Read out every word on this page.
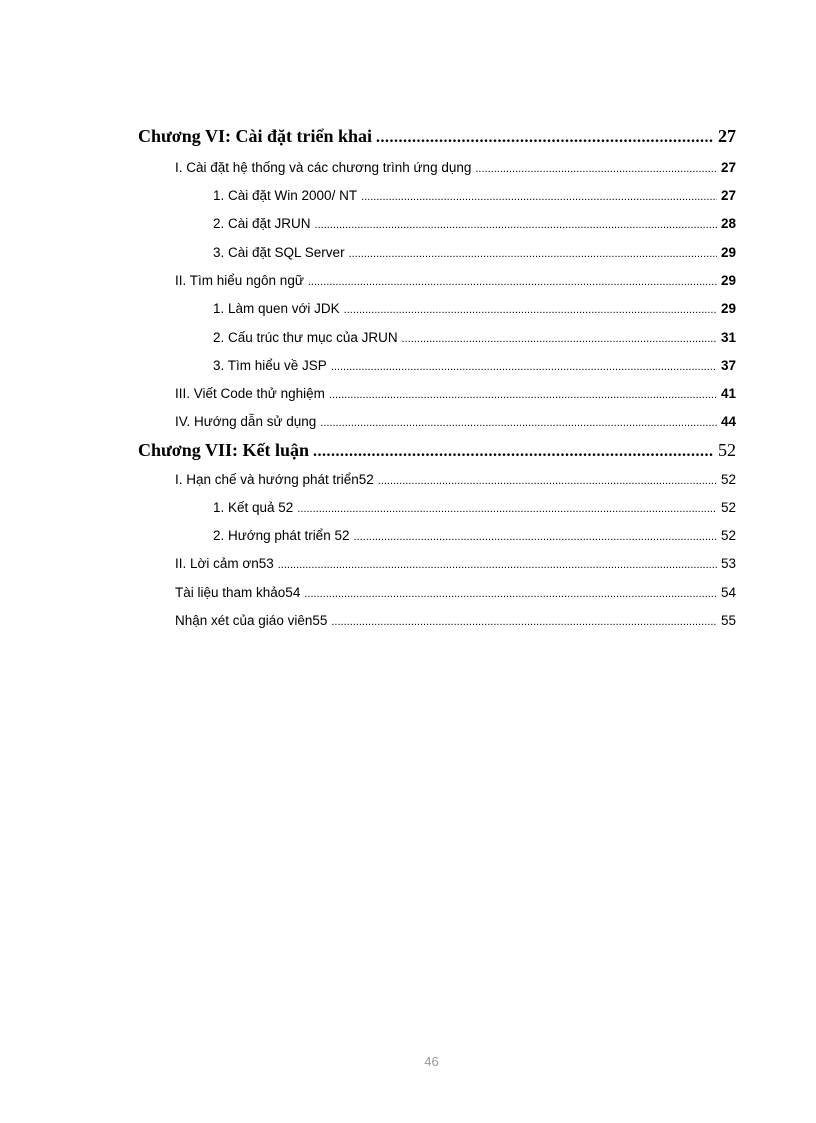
Chương VI: Cài đặt triển khai .....	27
I. Cài đặt hệ thống và các chương trình ứng dụng .....	27
1. Cài đặt Win 2000/ NT .....	27
2. Cài đặt JRUN .....	28
3. Cài đặt SQL Server .....	29
II. Tìm hiểu ngôn ngữ .....	29
1. Làm quen với JDK .....	29
2. Cấu trúc thư mục của JRUN .....	31
3. Tìm hiểu về JSP .....	37
III. Viết Code thử nghiệm .....	41
IV. Hướng dẫn sử dụng .....	44
Chương VII: Kết luận .....	52
I. Hạn chế và hướng phát triển52 .....	52
1. Kết quả 52 .....	52
2. Hướng phát triển 52 .....	52
II. Lời cảm ơn53 .....	53
Tài liệu tham khảo54 .....	54
Nhận xét của giáo viên55 .....	55
46
